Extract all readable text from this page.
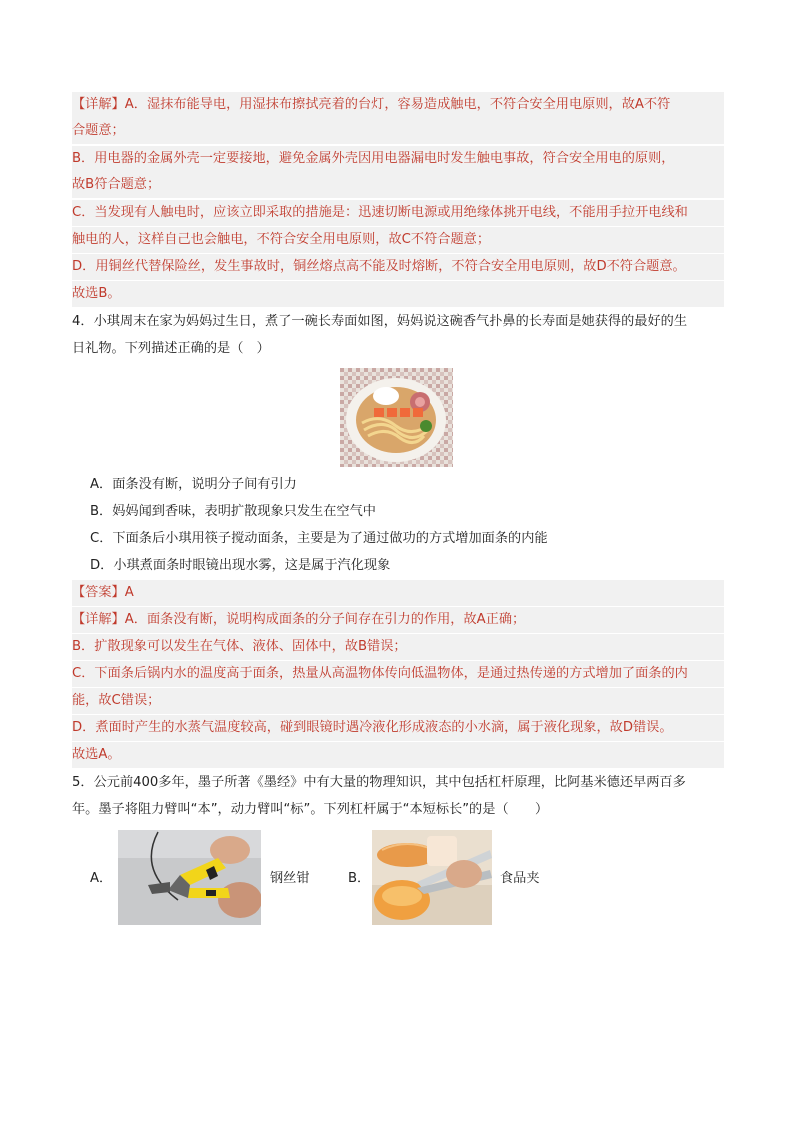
【详解】A．湿抹布能导电，用湿抹布擦拭亮着的台灯，容易造成触电，不符合安全用电原则，故A不符
合题意；
B．用电器的金属外壳一定要接地，避免金属外壳因用电器漏电时发生触电事故，符合安全用电的原则，
故B符合题意；
C．当发现有人触电时，应该立即采取的措施是：迅速切断电源或用绝缘体挑开电线，不能用手拉开电线和
触电的人，这样自己也会触电，不符合安全用电原则，故C不符合题意；
D．用铜丝代替保险丝，发生事故时，铜丝熔点高不能及时熔断，不符合安全用电原则，故D不符合题意。
故选B。
4．小琪周末在家为妈妈过生日，煮了一碗长寿面如图，妈妈说这碗香气扑鼻的长寿面是她获得的最好的生
日礼物。下列描述正确的是（　）
A．面条没有断，说明分子间有引力
B．妈妈闻到香味，表明扩散现象只发生在空气中
C．下面条后小琪用筷子搅动面条，主要是为了通过做功的方式增加面条的内能
D．小琪煮面条时眼镜出现水雾，这是属于汽化现象
【答案】A
【详解】A．面条没有断，说明构成面条的分子间存在引力的作用，故A正确；
B．扩散现象可以发生在气体、液体、固体中，故B错误；
C．下面条后锅内水的温度高于面条，热量从高温物体传向低温物体，是通过热传递的方式增加了面条的内
能，故C错误；
D．煮面时产生的水蒸气温度较高，碰到眼镜时遇冷液化形成液态的小水滴，属于液化现象，故D错误。
故选A。
5．公元前400多年，墨子所著《墨经》中有大量的物理知识，其中包括杠杆原理，比阿基米德还早两百多
年。墨子将阻力臂叫“本”，动力臂叫“标”。下列杠杆属于“本短标长”的是（　　）
A．	钢丝钳	B．	食品夹
